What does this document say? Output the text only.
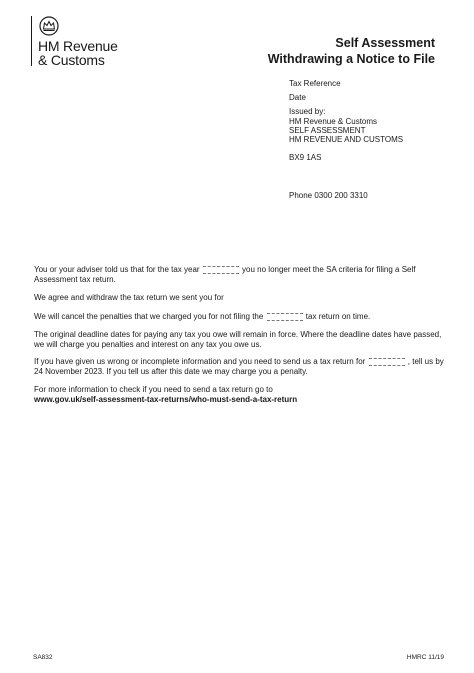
HM Revenue
& Customs
Self Assessment
Withdrawing a Notice to File
Tax Reference
Date
Issued by:
HM Revenue & Customs
SELF ASSESSMENT
HM REVENUE AND CUSTOMS
BX9 1AS
Phone 0300 200 3310
You or your adviser told us that for the tax year	you no longer meet the SA criteria for filing a Self Assessment tax return.
We agree and withdraw the tax return we sent you for
We will cancel the penalties that we charged you for not filing the	tax return on time.
The original deadline dates for paying any tax you owe will remain in force. Where the deadline dates have passed, we will charge you penalties and interest on any tax you owe us.
If you have given us wrong or incomplete information and you need to send us a tax return for	, tell us by 24 November 2023. If you tell us after this date we may charge you a penalty.
For more information to check if you need to send a tax return go to
www.gov.uk/self-assessment-tax-returns/who-must-send-a-tax-return
SA832	HMRC 11/19
